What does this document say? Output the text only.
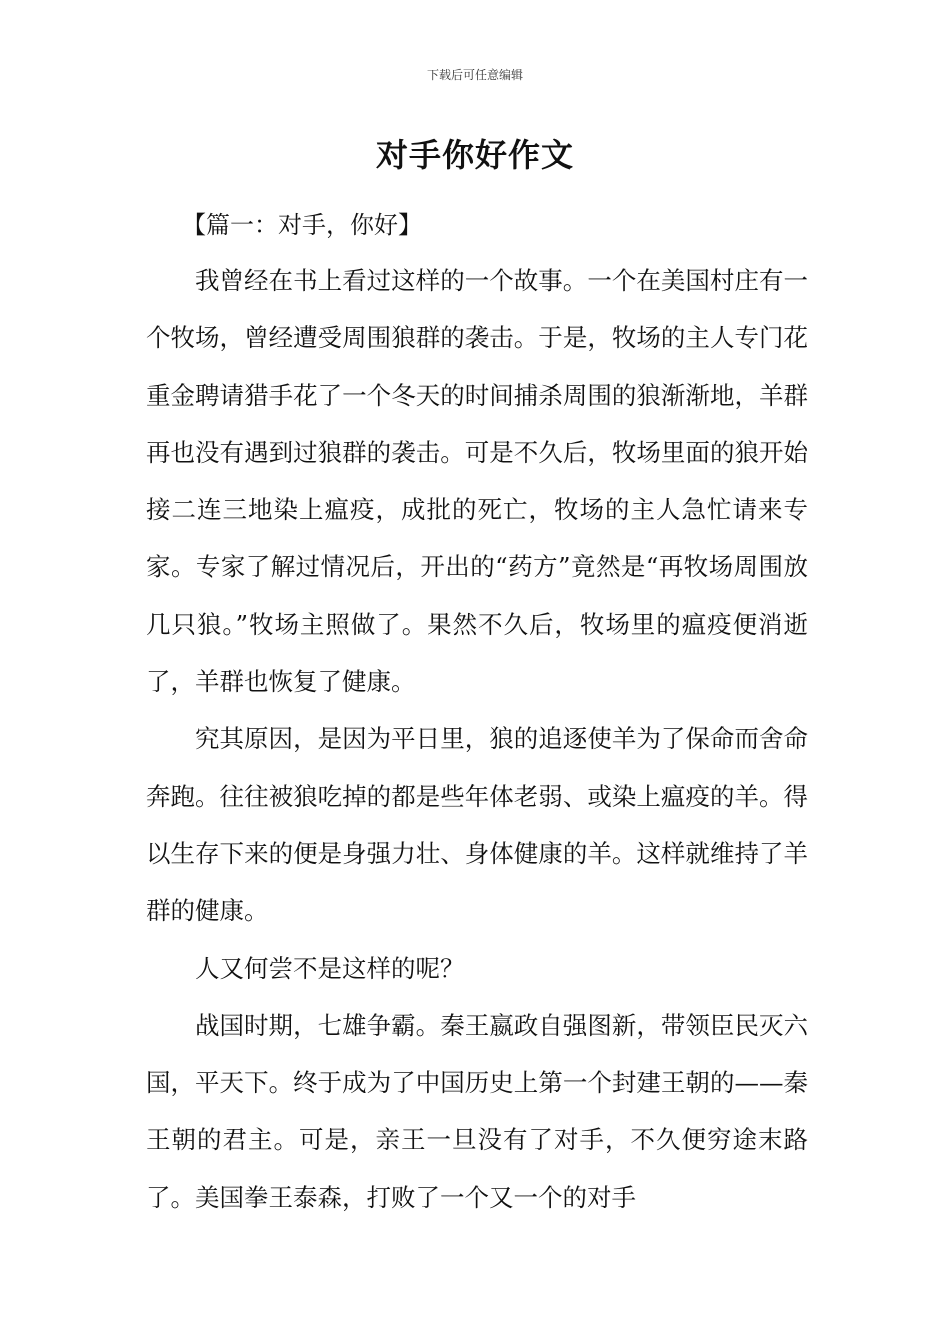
下载后可任意编辑
对手你好作文
【篇一：对手，你好】

我曾经在书上看过这样的一个故事。一个在美国村庄有一个牧场，曾经遭受周围狼群的袭击。于是，牧场的主人专门花重金聘请猎手花了一个冬天的时间捕杀周围的狼渐渐地，羊群再也没有遇到过狼群的袭击。可是不久后，牧场里面的狼开始接二连三地染上瘟疫，成批的死亡，牧场的主人急忙请来专家。专家了解过情况后，开出的“药方”竟然是“再牧场周围放几只狼。”牧场主照做了。果然不久后，牧场里的瘟疫便消逝了，羊群也恢复了健康。

究其原因，是因为平日里，狼的追逐使羊为了保命而舍命奔跑。往往被狼吃掉的都是些年体老弱、或染上瘟疫的羊。得以生存下来的便是身强力壮、身体健康的羊。这样就维持了羊群的健康。

人又何尝不是这样的呢？

战国时期，七雄争霸。秦王嬴政自强图新，带领臣民灭六国，平天下。终于成为了中国历史上第一个封建王朝的——秦王朝的君主。可是，亲王一旦没有了对手，不久便穷途末路了。美国拳王泰森，打败了一个又一个的对手
